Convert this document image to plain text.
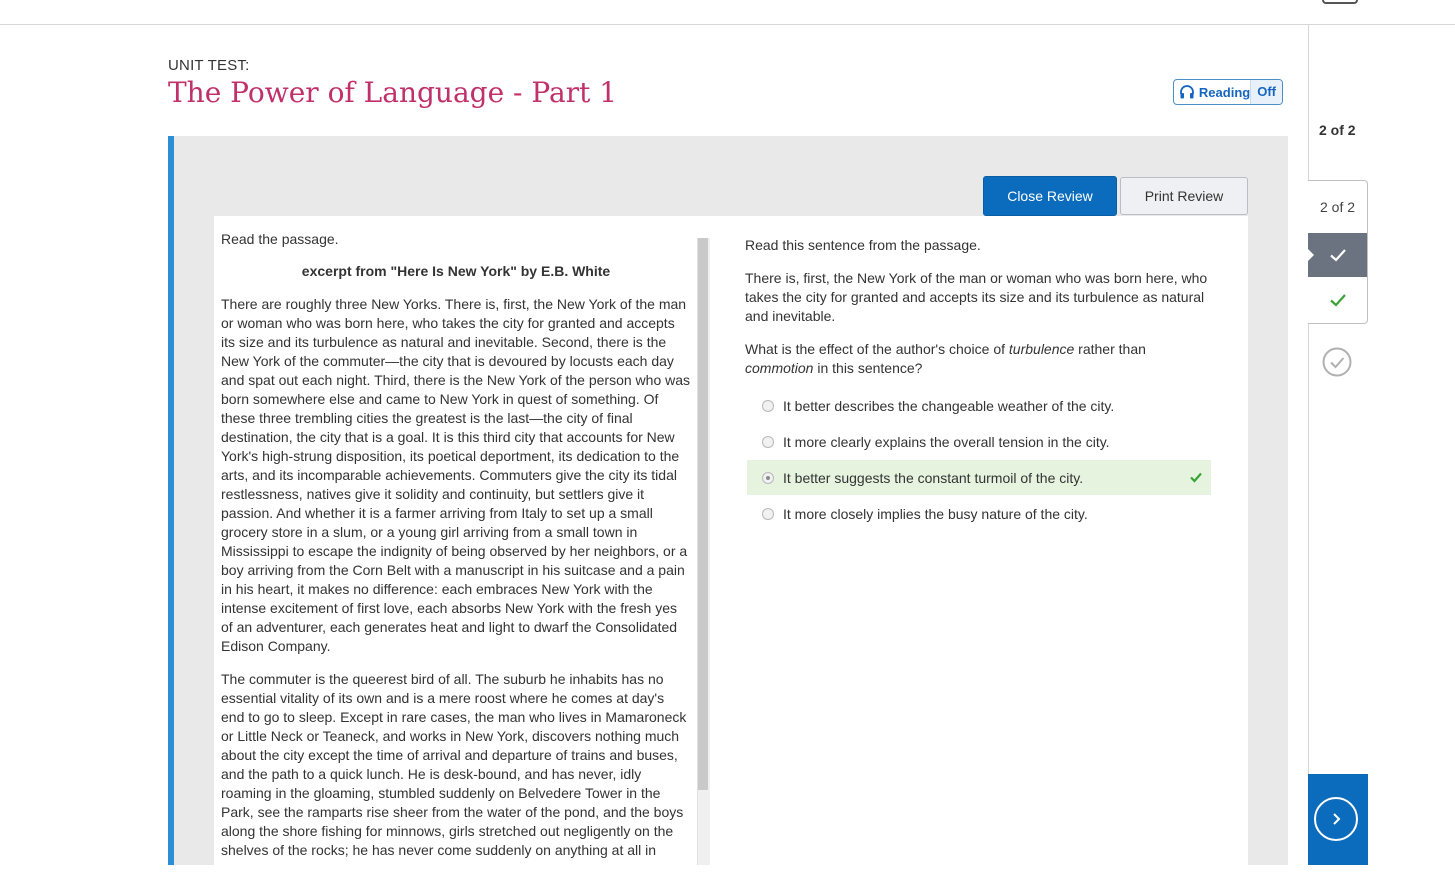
UNIT TEST:
The Power of Language - Part 1	Reading Off
Close Review	Print Review

Read the passage.

excerpt from "Here Is New York" by E.B. White

There are roughly three New Yorks. There is, first, the New York of the man or woman who was born here, who takes the city for granted and accepts its size and its turbulence as natural and inevitable. Second, there is the New York of the commuter—the city that is devoured by locusts each day and spat out each night. Third, there is the New York of the person who was born somewhere else and came to New York in quest of something. Of these three trembling cities the greatest is the last—the city of final destination, the city that is a goal. It is this third city that accounts for New York's high-strung disposition, its poetical deportment, its dedication to the arts, and its incomparable achievements. Commuters give the city its tidal restlessness, natives give it solidity and continuity, but settlers give it passion. And whether it is a farmer arriving from Italy to set up a small grocery store in a slum, or a young girl arriving from a small town in Mississippi to escape the indignity of being observed by her neighbors, or a boy arriving from the Corn Belt with a manuscript in his suitcase and a pain in his heart, it makes no difference: each embraces New York with the intense excitement of first love, each absorbs New York with the fresh yes of an adventurer, each generates heat and light to dwarf the Consolidated Edison Company.

The commuter is the queerest bird of all. The suburb he inhabits has no essential vitality of its own and is a mere roost where he comes at day's end to go to sleep. Except in rare cases, the man who lives in Mamaroneck or Little Neck or Teaneck, and works in New York, discovers nothing much about the city except the time of arrival and departure of trains and buses, and the path to a quick lunch. He is desk-bound, and has never, idly roaming in the gloaming, stumbled suddenly on Belvedere Tower in the Park, see the ramparts rise sheer from the water of the pond, and the boys along the shore fishing for minnows, girls stretched out negligently on the shelves of the rocks; he has never come suddenly on anything at all in

Read this sentence from the passage.

There is, first, the New York of the man or woman who was born here, who takes the city for granted and accepts its size and its turbulence as natural and inevitable.

What is the effect of the author's choice of turbulence rather than commotion in this sentence?

It better describes the changeable weather of the city.
It more clearly explains the overall tension in the city.
It better suggests the constant turmoil of the city.
It more closely implies the busy nature of the city.
2 of 2
2 of 2
